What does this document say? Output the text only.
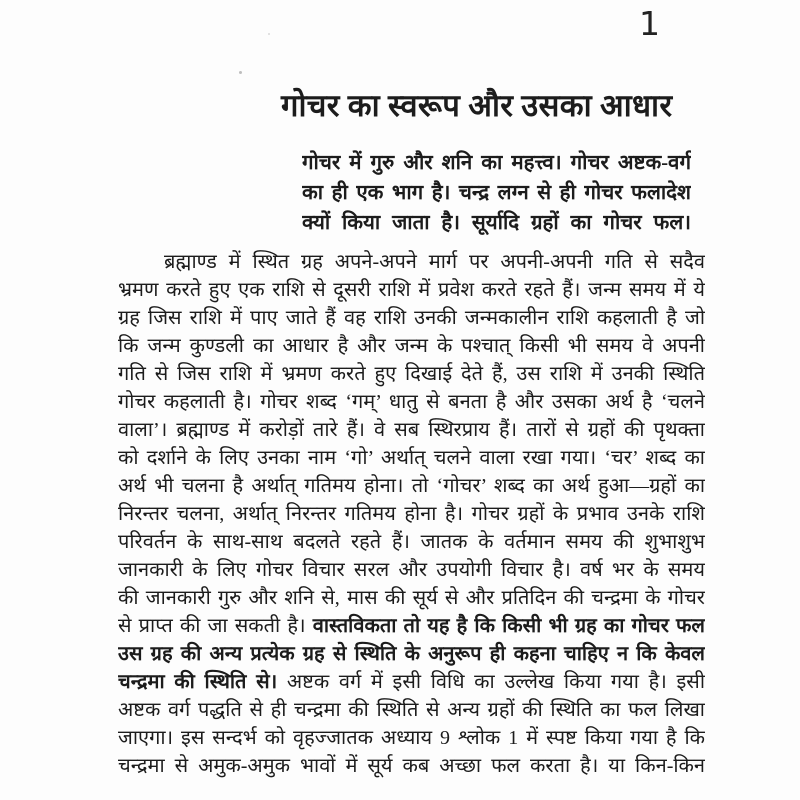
1
गोचर का स्वरूप और उसका आधार
गोचर में गुरु और शनि का महत्त्व। गोचर अष्टक-वर्ग
का ही एक भाग है। चन्द्र लग्न से ही गोचर फलादेश
क्यों किया जाता है। सूर्यादि ग्रहों का गोचर फल।
ब्रह्माण्ड में स्थित ग्रह अपने-अपने मार्ग पर अपनी-अपनी गति से सदैव
भ्रमण करते हुए एक राशि से दूसरी राशि में प्रवेश करते रहते हैं। जन्म समय में ये
ग्रह जिस राशि में पाए जाते हैं वह राशि उनकी जन्मकालीन राशि कहलाती है जो
कि जन्म कुण्डली का आधार है और जन्म के पश्चात् किसी भी समय वे अपनी
गति से जिस राशि में भ्रमण करते हुए दिखाई देते हैं, उस राशि में उनकी स्थिति
गोचर कहलाती है। गोचर शब्द ‘गम्’ धातु से बनता है और उसका अर्थ है ‘चलने
वाला’। ब्रह्माण्ड में करोड़ों तारे हैं। वे सब स्थिरप्राय हैं। तारों से ग्रहों की पृथक्ता
को दर्शाने के लिए उनका नाम ‘गो’ अर्थात् चलने वाला रखा गया। ‘चर’ शब्द का
अर्थ भी चलना है अर्थात् गतिमय होना। तो ‘गोचर’ शब्द का अर्थ हुआ—ग्रहों का
निरन्तर चलना, अर्थात् निरन्तर गतिमय होना है। गोचर ग्रहों के प्रभाव उनके राशि
परिवर्तन के साथ-साथ बदलते रहते हैं। जातक के वर्तमान समय की शुभाशुभ
जानकारी के लिए गोचर विचार सरल और उपयोगी विचार है। वर्ष भर के समय
की जानकारी गुरु और शनि से, मास की सूर्य से और प्रतिदिन की चन्द्रमा के गोचर
से प्राप्त की जा सकती है। वास्तविकता तो यह है कि किसी भी ग्रह का गोचर फल
उस ग्रह की अन्य प्रत्येक ग्रह से स्थिति के अनुरूप ही कहना चाहिए न कि केवल
चन्द्रमा की स्थिति से। अष्टक वर्ग में इसी विधि का उल्लेख किया गया है। इसी
अष्टक वर्ग पद्धति से ही चन्द्रमा की स्थिति से अन्य ग्रहों की स्थिति का फल लिखा
जाएगा। इस सन्दर्भ को वृहज्जातक अध्याय 9 श्लोक 1 में स्पष्ट किया गया है कि
चन्द्रमा से अमुक-अमुक भावों में सूर्य कब अच्छा फल करता है। या किन-किन
